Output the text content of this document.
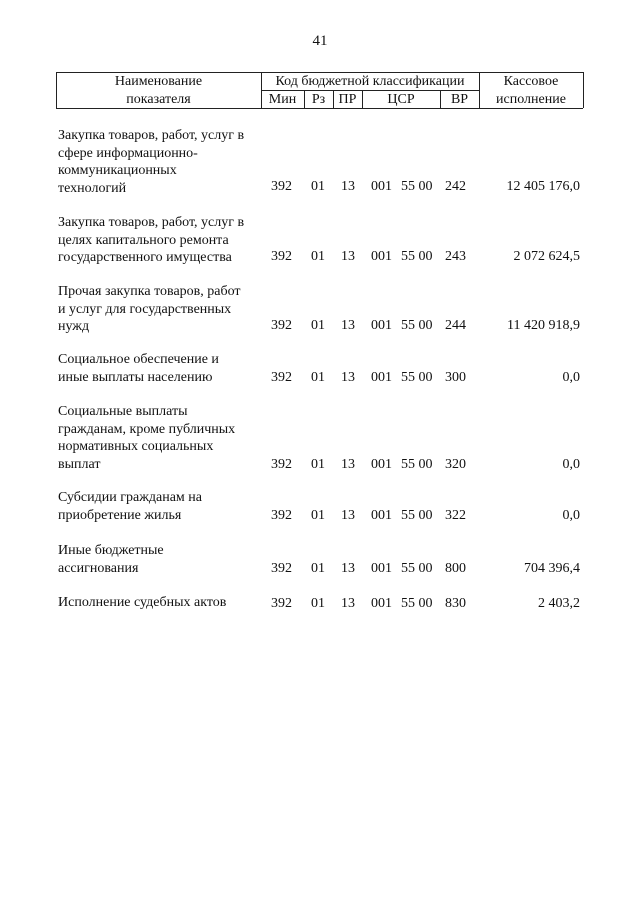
41
Наименование
показателя
Код бюджетной классификации
Мин	Рз ПР	ЦСР	ВР
Кассовое
исполнение
Закупка товаров, работ, услуг в
сфере информационно-
коммуникационных
технологий	392 01 13 001 55 00 242	12 405 176,0
Закупка товаров, работ, услуг в
целях капитального ремонта
государственного имущества	392 01 13 001 55 00 243	2 072 624,5
Прочая закупка товаров, работ
и услуг для государственных
нужд	392 01 13 001 55 00 244	11 420 918,9
Социальное обеспечение и
иные выплаты населению	392 01 13 001 55 00 300	0,0
Социальные выплаты
гражданам, кроме публичных
нормативных социальных
выплат	392 01 13 001 55 00 320	0,0
Субсидии гражданам на
приобретение жилья	392 01 13 001 55 00 322	0,0
Иные бюджетные
ассигнования	392 01 13 001 55 00 800	704 396,4
Исполнение судебных актов	392 01 13 001 55 00 830	2 403,2
